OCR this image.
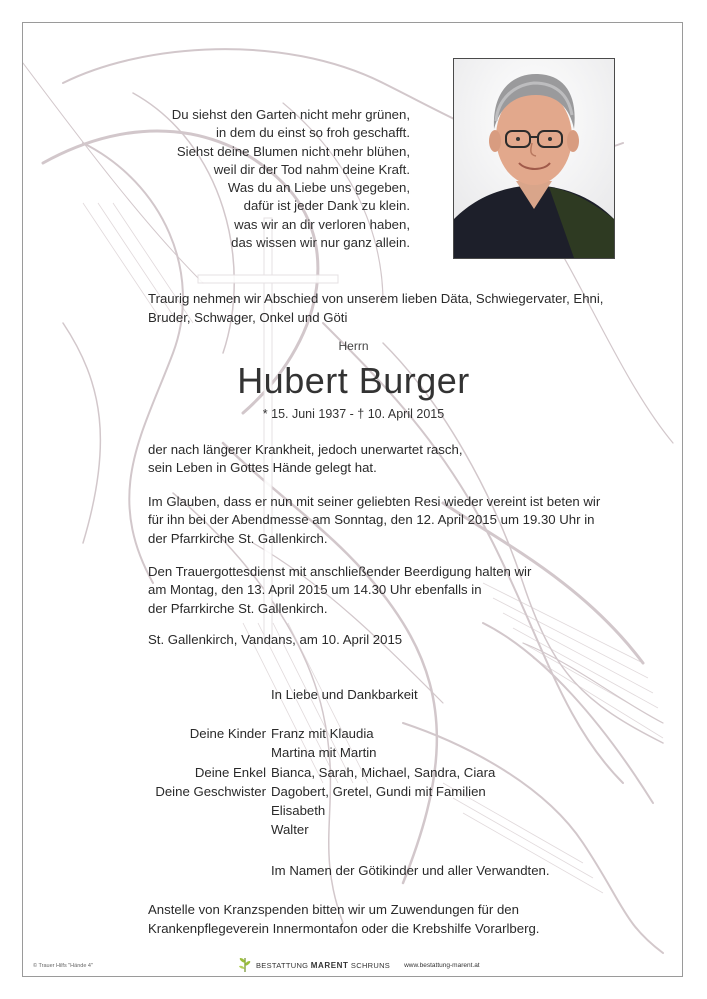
Du siehst den Garten nicht mehr grünen,
in dem du einst so froh geschafft.
Siehst deine Blumen nicht mehr blühen,
weil dir der Tod nahm deine Kraft.
Was du an Liebe uns gegeben,
dafür ist jeder Dank zu klein.
was wir an dir verloren haben,
das wissen wir nur ganz allein.
Traurig nehmen wir Abschied von unserem lieben Däta, Schwiegervater, Ehni, Bruder, Schwager, Onkel und Göti
Herrn
Hubert Burger
* 15. Juni 1937 - † 10. April 2015
der nach längerer Krankheit, jedoch unerwartet rasch,
sein Leben in Gottes Hände gelegt hat.
Im Glauben, dass er nun mit seiner geliebten Resi wieder vereint ist beten wir
für ihn bei der Abendmesse am Sonntag, den 12. April 2015 um 19.30 Uhr in
der Pfarrkirche St. Gallenkirch.
Den Trauergottesdienst mit anschließender Beerdigung halten wir
am Montag, den 13. April 2015 um 14.30 Uhr ebenfalls in
der Pfarrkirche St. Gallenkirch.
St. Gallenkirch, Vandans, am 10. April 2015
In Liebe und Dankbarkeit
Deine Kinder Franz mit Klaudia
Martina mit Martin
Deine Enkel Bianca, Sarah, Michael, Sandra, Ciara
Deine Geschwister Dagobert, Gretel, Gundi mit Familien
Elisabeth
Walter
Im Namen der Götikinder und aller Verwandten.
Anstelle von Kranzspenden bitten wir um Zuwendungen für den
Krankenpflegeverein Innermontafon oder die Krebshilfe Vorarlberg.
© Trauer Hilfs "Hände 4"	BESTATTUNG MARENT SCHRUNS www.bestattung-marent.at
